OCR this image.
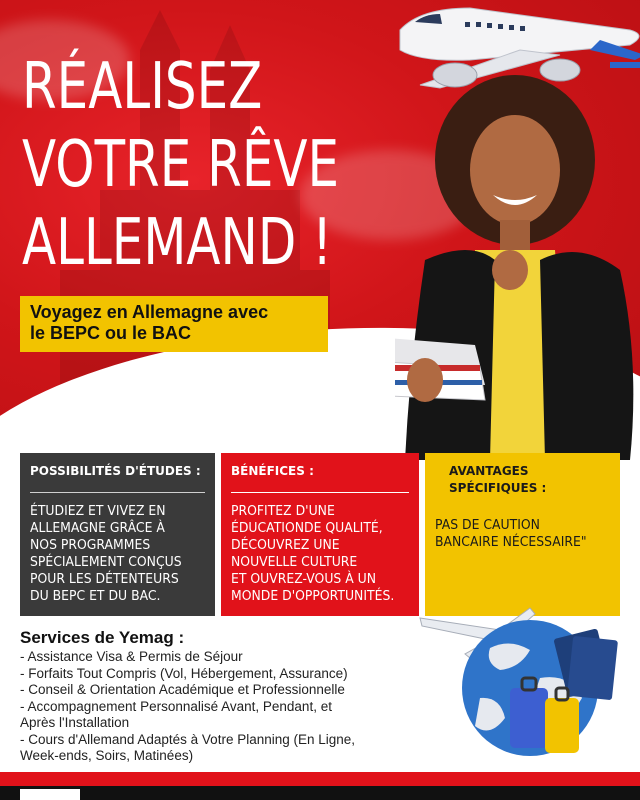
RÉALISEZ
VOTRE RÊVE
ALLEMAND !
Voyagez en Allemagne avec
le BEPC ou le BAC

POSSIBILITÉS D'ÉTUDES :

ÉTUDIEZ ET VIVEZ EN
ALLEMAGNE GRÂCE À
NOS PROGRAMMES
SPÉCIALEMENT CONÇUS
POUR LES DÉTENTEURS
DU BEPC ET DU BAC.

BÉNÉFICES :

PROFITEZ D'UNE
ÉDUCATIONDE QUALITÉ,
DÉCOUVREZ UNE
NOUVELLE CULTURE
ET OUVREZ-VOUS À UN
MONDE D'OPPORTUNITÉS.

AVANTAGES
SPÉCIFIQUES :

PAS DE CAUTION
BANCAIRE NÉCESSAIRE"

Services de Yemag :

- Assistance Visa & Permis de Séjour
- Forfaits Tout Compris (Vol, Hébergement, Assurance)
- Conseil & Orientation Académique et Professionnelle
- Accompagnement Personnalisé Avant, Pendant, et
Après l'Installation
- Cours d'Allemand Adaptés à Votre Planning (En Ligne,
Week-ends, Soirs, Matinées)
